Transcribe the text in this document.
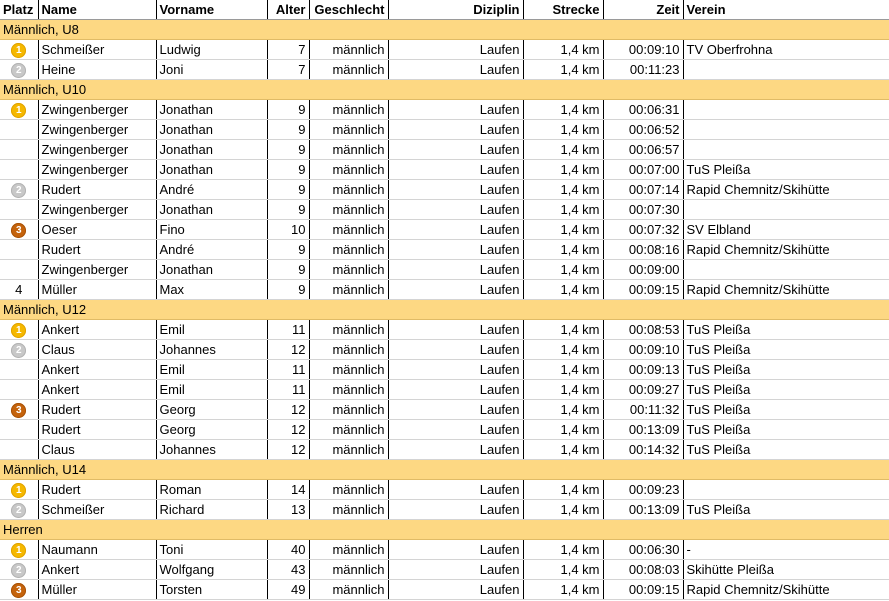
Platz	Name	Vorname	Alter	Geschlecht	Diziplin	Strecke	Zeit	Verein
Männlich, U8								
1	Schmeißer	Ludwig	7	männlich	Laufen	1,4 km	00:09:10	TV Oberfrohna
2	Heine	Joni	7	männlich	Laufen	1,4 km	00:11:23	
Männlich, U10								
1	Zwingenberger	Jonathan	9	männlich	Laufen	1,4 km	00:06:31	
	Zwingenberger	Jonathan	9	männlich	Laufen	1,4 km	00:06:52	
	Zwingenberger	Jonathan	9	männlich	Laufen	1,4 km	00:06:57	
	Zwingenberger	Jonathan	9	männlich	Laufen	1,4 km	00:07:00	TuS Pleißa
2	Rudert	André	9	männlich	Laufen	1,4 km	00:07:14	Rapid Chemnitz/Skihütte
	Zwingenberger	Jonathan	9	männlich	Laufen	1,4 km	00:07:30	
3	Oeser	Fino	10	männlich	Laufen	1,4 km	00:07:32	SV Elbland
	Rudert	André	9	männlich	Laufen	1,4 km	00:08:16	Rapid Chemnitz/Skihütte
	Zwingenberger	Jonathan	9	männlich	Laufen	1,4 km	00:09:00	
4	Müller	Max	9	männlich	Laufen	1,4 km	00:09:15	Rapid Chemnitz/Skihütte
Männlich, U12								
1	Ankert	Emil	11	männlich	Laufen	1,4 km	00:08:53	TuS Pleißa
2	Claus	Johannes	12	männlich	Laufen	1,4 km	00:09:10	TuS Pleißa
	Ankert	Emil	11	männlich	Laufen	1,4 km	00:09:13	TuS Pleißa
	Ankert	Emil	11	männlich	Laufen	1,4 km	00:09:27	TuS Pleißa
3	Rudert	Georg	12	männlich	Laufen	1,4 km	00:11:32	TuS Pleißa
	Rudert	Georg	12	männlich	Laufen	1,4 km	00:13:09	TuS Pleißa
	Claus	Johannes	12	männlich	Laufen	1,4 km	00:14:32	TuS Pleißa
Männlich, U14								
1	Rudert	Roman	14	männlich	Laufen	1,4 km	00:09:23	
2	Schmeißer	Richard	13	männlich	Laufen	1,4 km	00:13:09	TuS Pleißa
Herren								
1	Naumann	Toni	40	männlich	Laufen	1,4 km	00:06:30	-
2	Ankert	Wolfgang	43	männlich	Laufen	1,4 km	00:08:03	Skihütte Pleißa
3	Müller	Torsten	49	männlich	Laufen	1,4 km	00:09:15	Rapid Chemnitz/Skihütte
